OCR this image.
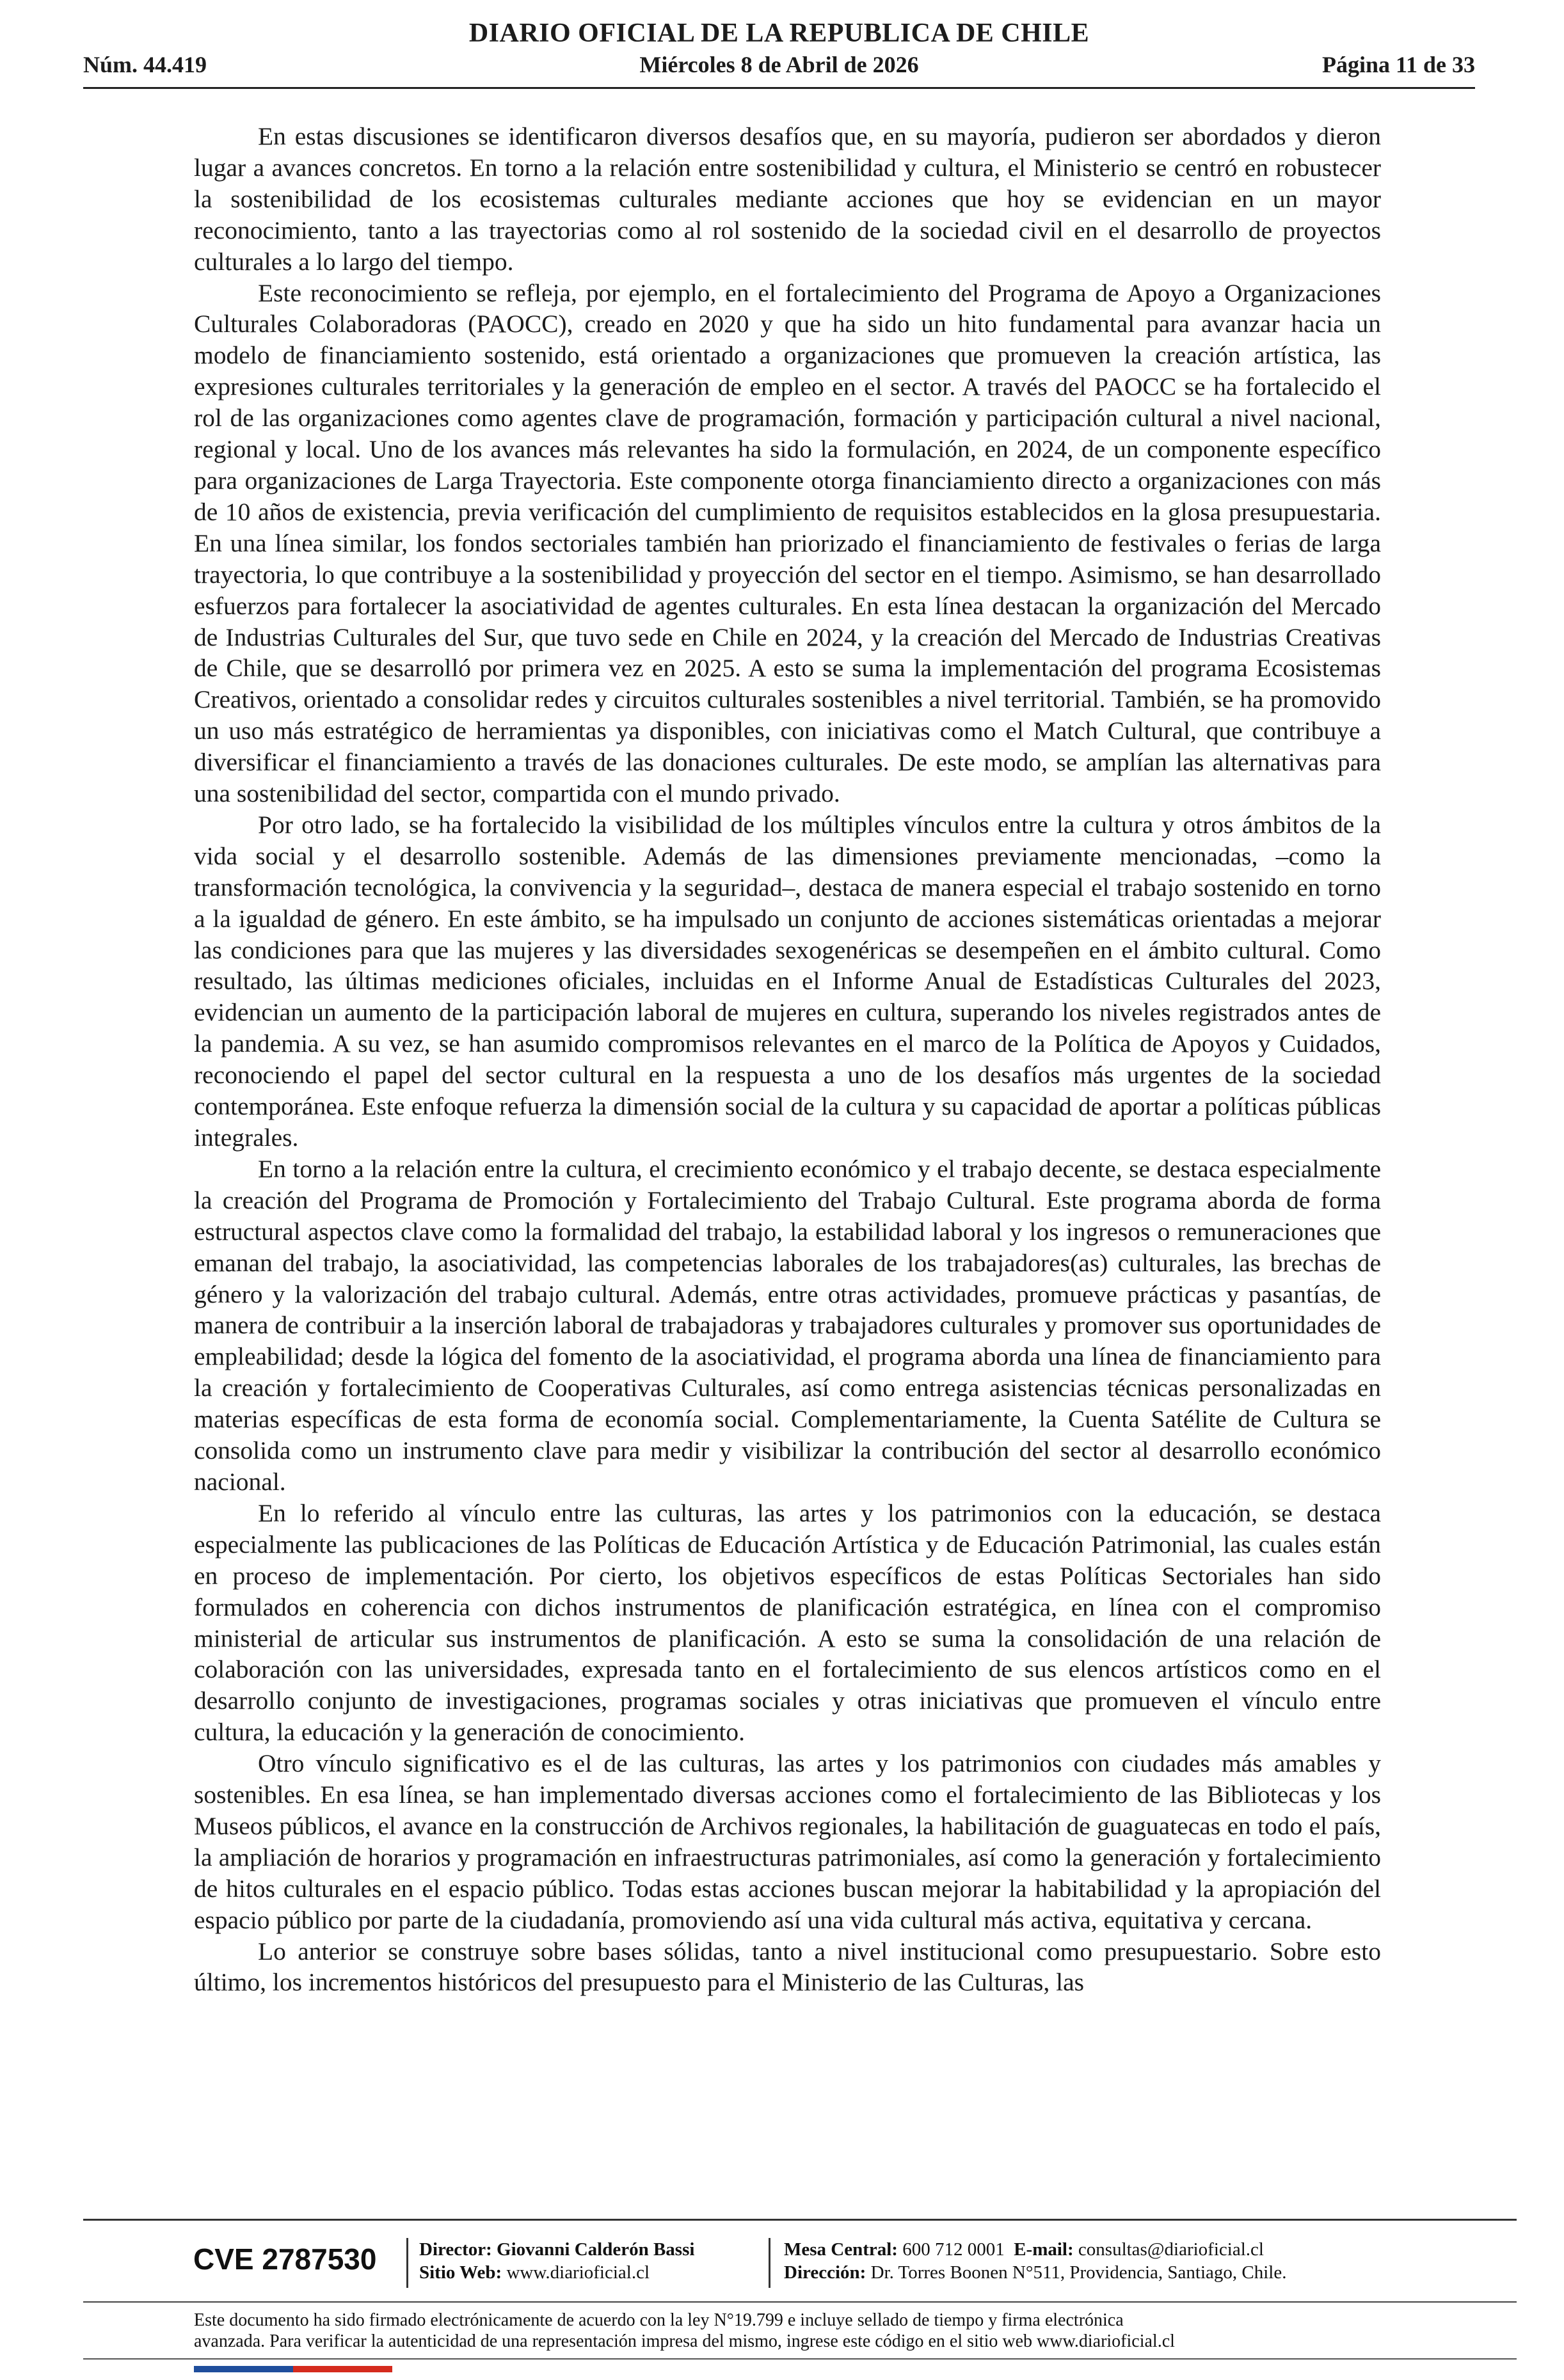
DIARIO OFICIAL DE LA REPUBLICA DE CHILE
Núm. 44.419	Miércoles 8 de Abril de 2026	Página 11 de 33

En estas discusiones se identificaron diversos desafíos que, en su mayoría, pudieron ser abordados y dieron lugar a avances concretos. En torno a la relación entre sostenibilidad y cultura, el Ministerio se centró en robustecer la sostenibilidad de los ecosistemas culturales mediante acciones que hoy se evidencian en un mayor reconocimiento, tanto a las trayectorias como al rol sostenido de la sociedad civil en el desarrollo de proyectos culturales a lo largo del tiempo.

Este reconocimiento se refleja, por ejemplo, en el fortalecimiento del Programa de Apoyo a Organizaciones Culturales Colaboradoras (PAOCC), creado en 2020 y que ha sido un hito fundamental para avanzar hacia un modelo de financiamiento sostenido, está orientado a organizaciones que promueven la creación artística, las expresiones culturales territoriales y la generación de empleo en el sector. A través del PAOCC se ha fortalecido el rol de las organizaciones como agentes clave de programación, formación y participación cultural a nivel nacional, regional y local. Uno de los avances más relevantes ha sido la formulación, en 2024, de un componente específico para organizaciones de Larga Trayectoria. Este componente otorga financiamiento directo a organizaciones con más de 10 años de existencia, previa verificación del cumplimiento de requisitos establecidos en la glosa presupuestaria. En una línea similar, los fondos sectoriales también han priorizado el financiamiento de festivales o ferias de larga trayectoria, lo que contribuye a la sostenibilidad y proyección del sector en el tiempo. Asimismo, se han desarrollado esfuerzos para fortalecer la asociatividad de agentes culturales. En esta línea destacan la organización del Mercado de Industrias Culturales del Sur, que tuvo sede en Chile en 2024, y la creación del Mercado de Industrias Creativas de Chile, que se desarrolló por primera vez en 2025. A esto se suma la implementación del programa Ecosistemas Creativos, orientado a consolidar redes y circuitos culturales sostenibles a nivel territorial. También, se ha promovido un uso más estratégico de herramientas ya disponibles, con iniciativas como el Match Cultural, que contribuye a diversificar el financiamiento a través de las donaciones culturales. De este modo, se amplían las alternativas para una sostenibilidad del sector, compartida con el mundo privado.

Por otro lado, se ha fortalecido la visibilidad de los múltiples vínculos entre la cultura y otros ámbitos de la vida social y el desarrollo sostenible. Además de las dimensiones previamente mencionadas, –como la transformación tecnológica, la convivencia y la seguridad–, destaca de manera especial el trabajo sostenido en torno a la igualdad de género. En este ámbito, se ha impulsado un conjunto de acciones sistemáticas orientadas a mejorar las condiciones para que las mujeres y las diversidades sexogenéricas se desempeñen en el ámbito cultural. Como resultado, las últimas mediciones oficiales, incluidas en el Informe Anual de Estadísticas Culturales del 2023, evidencian un aumento de la participación laboral de mujeres en cultura, superando los niveles registrados antes de la pandemia. A su vez, se han asumido compromisos relevantes en el marco de la Política de Apoyos y Cuidados, reconociendo el papel del sector cultural en la respuesta a uno de los desafíos más urgentes de la sociedad contemporánea. Este enfoque refuerza la dimensión social de la cultura y su capacidad de aportar a políticas públicas integrales.

En torno a la relación entre la cultura, el crecimiento económico y el trabajo decente, se destaca especialmente la creación del Programa de Promoción y Fortalecimiento del Trabajo Cultural. Este programa aborda de forma estructural aspectos clave como la formalidad del trabajo, la estabilidad laboral y los ingresos o remuneraciones que emanan del trabajo, la asociatividad, las competencias laborales de los trabajadores(as) culturales, las brechas de género y la valorización del trabajo cultural. Además, entre otras actividades, promueve prácticas y pasantías, de manera de contribuir a la inserción laboral de trabajadoras y trabajadores culturales y promover sus oportunidades de empleabilidad; desde la lógica del fomento de la asociatividad, el programa aborda una línea de financiamiento para la creación y fortalecimiento de Cooperativas Culturales, así como entrega asistencias técnicas personalizadas en materias específicas de esta forma de economía social. Complementariamente, la Cuenta Satélite de Cultura se consolida como un instrumento clave para medir y visibilizar la contribución del sector al desarrollo económico nacional.

En lo referido al vínculo entre las culturas, las artes y los patrimonios con la educación, se destaca especialmente las publicaciones de las Políticas de Educación Artística y de Educación Patrimonial, las cuales están en proceso de implementación. Por cierto, los objetivos específicos de estas Políticas Sectoriales han sido formulados en coherencia con dichos instrumentos de planificación estratégica, en línea con el compromiso ministerial de articular sus instrumentos de planificación. A esto se suma la consolidación de una relación de colaboración con las universidades, expresada tanto en el fortalecimiento de sus elencos artísticos como en el desarrollo conjunto de investigaciones, programas sociales y otras iniciativas que promueven el vínculo entre cultura, la educación y la generación de conocimiento.

Otro vínculo significativo es el de las culturas, las artes y los patrimonios con ciudades más amables y sostenibles. En esa línea, se han implementado diversas acciones como el fortalecimiento de las Bibliotecas y los Museos públicos, el avance en la construcción de Archivos regionales, la habilitación de guaguatecas en todo el país, la ampliación de horarios y programación en infraestructuras patrimoniales, así como la generación y fortalecimiento de hitos culturales en el espacio público. Todas estas acciones buscan mejorar la habitabilidad y la apropiación del espacio público por parte de la ciudadanía, promoviendo así una vida cultural más activa, equitativa y cercana.

Lo anterior se construye sobre bases sólidas, tanto a nivel institucional como presupuestario. Sobre esto último, los incrementos históricos del presupuesto para el Ministerio de las Culturas, las

CVE 2787530 Director: Giovanni Calderón Bassi
Sitio Web: www.diarioficial.cl
Mesa Central: 600 712 0001 E-mail: consultas@diarioficial.cl
Dirección: Dr. Torres Boonen N°511, Providencia, Santiago, Chile.
Este documento ha sido firmado electrónicamente de acuerdo con la ley N°19.799 e incluye sellado de tiempo y firma electrónica
avanzada. Para verificar la autenticidad de una representación impresa del mismo, ingrese este código en el sitio web www.diarioficial.cl
